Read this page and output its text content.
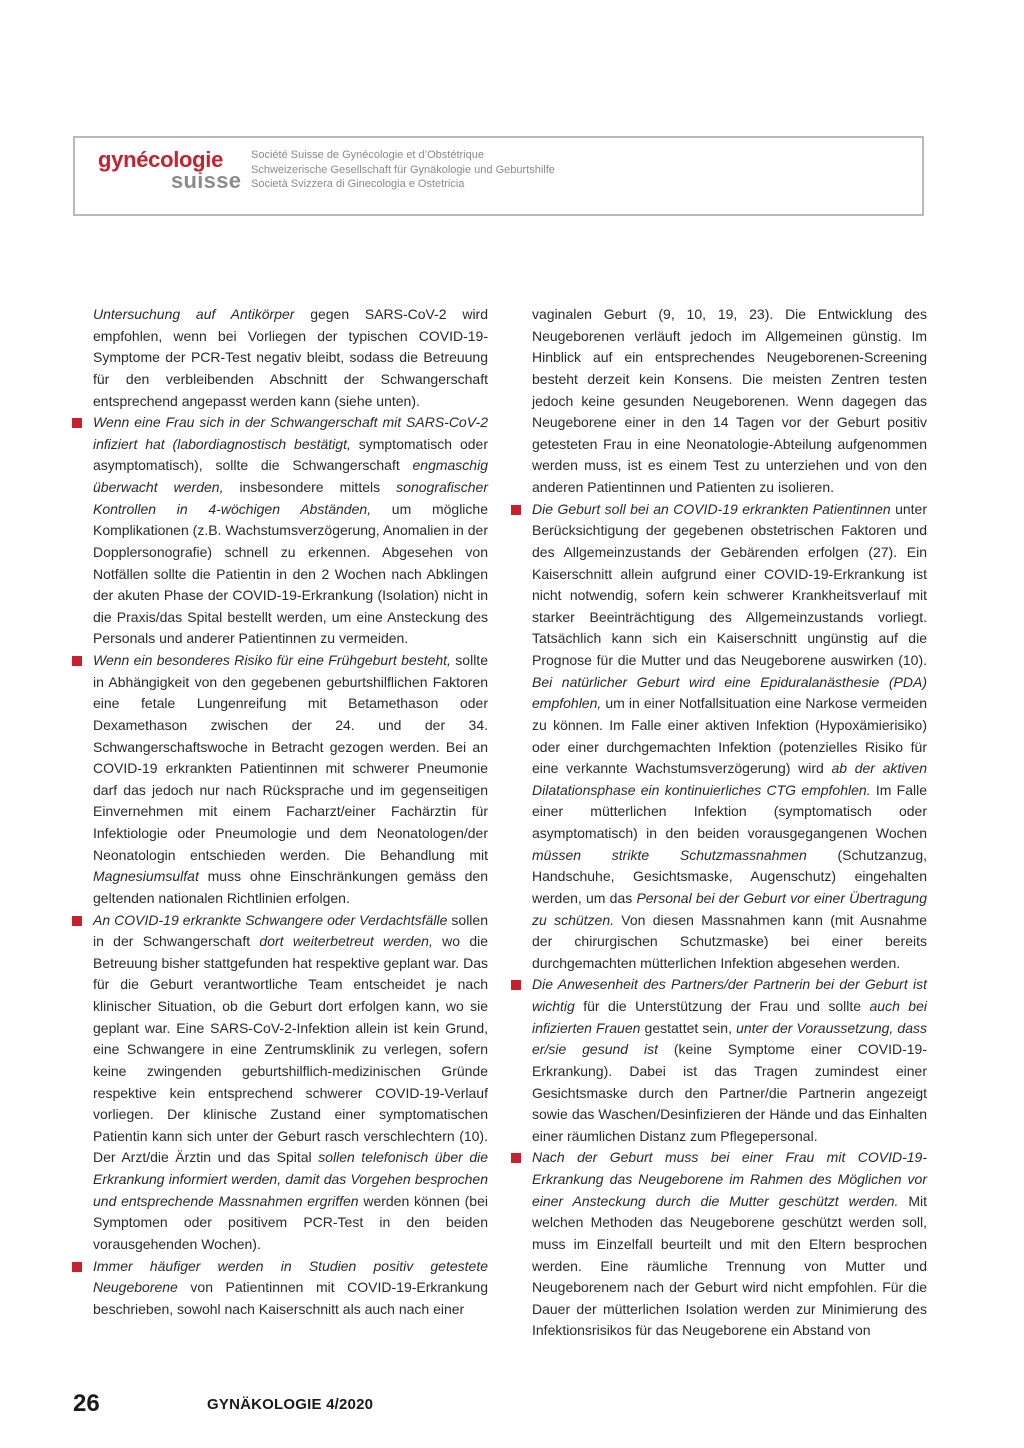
gynécologie
suisse
Société Suisse de Gynécologie et d’Obstétrique
Schweizerische Gesellschaft für Gynäkologie und Geburtshilfe
Società Svizzera di Ginecologia e Ostetricia

Untersuchung auf Antikörper gegen SARS-CoV-2 wird empfohlen, wenn bei Vorliegen der typischen COVID-19-Symptome der PCR-Test negativ bleibt, sodass die Betreuung für den verbleibenden Abschnitt der Schwangerschaft entsprechend angepasst werden kann (siehe unten).

Wenn eine Frau sich in der Schwangerschaft mit SARS-CoV-2 infiziert hat (labordiagnostisch bestätigt, symptomatisch oder asymptomatisch), sollte die Schwangerschaft engmaschig überwacht werden, insbesondere mittels sonografischer Kontrollen in 4-wöchigen Abständen, um mögliche Komplikationen (z.B. Wachstumsverzögerung, Anomalien in der Dopplersonografie) schnell zu erkennen. Abgesehen von Notfällen sollte die Patientin in den 2 Wochen nach Abklingen der akuten Phase der COVID-19-Erkrankung (Isolation) nicht in die Praxis/das Spital bestellt werden, um eine Ansteckung des Personals und anderer Patientinnen zu vermeiden.

Wenn ein besonderes Risiko für eine Frühgeburt besteht, sollte in Abhängigkeit von den gegebenen geburtshilflichen Faktoren eine fetale Lungenreifung mit Betamethason oder Dexamethason zwischen der 24. und der 34. Schwangerschaftswoche in Betracht gezogen werden. Bei an COVID-19 erkrankten Patientinnen mit schwerer Pneumonie darf das jedoch nur nach Rücksprache und im gegenseitigen Einvernehmen mit einem Facharzt/einer Fachärztin für Infektiologie oder Pneumologie und dem Neonatologen/der Neonatologin entschieden werden. Die Behandlung mit Magnesiumsulfat muss ohne Einschränkungen gemäss den geltenden nationalen Richtlinien erfolgen.

An COVID-19 erkrankte Schwangere oder Verdachtsfälle sollen in der Schwangerschaft dort weiterbetreut werden, wo die Betreuung bisher stattgefunden hat respektive geplant war. Das für die Geburt verantwortliche Team entscheidet je nach klinischer Situation, ob die Geburt dort erfolgen kann, wo sie geplant war. Eine SARS-CoV-2-Infektion allein ist kein Grund, eine Schwangere in eine Zentrumsklinik zu verlegen, sofern keine zwingenden geburtshilflich-medizinischen Gründe respektive kein entsprechend schwerer COVID-19-Verlauf vorliegen. Der klinische Zustand einer symptomatischen Patientin kann sich unter der Geburt rasch verschlechtern (10). Der Arzt/die Ärztin und das Spital sollen telefonisch über die Erkrankung informiert werden, damit das Vorgehen besprochen und entsprechende Massnahmen ergriffen werden können (bei Symptomen oder positivem PCR-Test in den beiden vorausgehenden Wochen).

Immer häufiger werden in Studien positiv getestete Neugeborene von Patientinnen mit COVID-19-Erkrankung beschrieben, sowohl nach Kaiserschnitt als auch nach einer

vaginalen Geburt (9, 10, 19, 23). Die Entwicklung des Neugeborenen verläuft jedoch im Allgemeinen günstig. Im Hinblick auf ein entsprechendes Neugeborenen-Screening besteht derzeit kein Konsens. Die meisten Zentren testen jedoch keine gesunden Neugeborenen. Wenn dagegen das Neugeborene einer in den 14 Tagen vor der Geburt positiv getesteten Frau in eine Neonatologie-Abteilung aufgenommen werden muss, ist es einem Test zu unterziehen und von den anderen Patientinnen und Patienten zu isolieren.

Die Geburt soll bei an COVID-19 erkrankten Patientinnen unter Berücksichtigung der gegebenen obstetrischen Faktoren und des Allgemeinzustands der Gebärenden erfolgen (27). Ein Kaiserschnitt allein aufgrund einer COVID-19-Erkrankung ist nicht notwendig, sofern kein schwerer Krankheitsverlauf mit starker Beeinträchtigung des Allgemeinzustands vorliegt. Tatsächlich kann sich ein Kaiserschnitt ungünstig auf die Prognose für die Mutter und das Neugeborene auswirken (10). Bei natürlicher Geburt wird eine Epiduralanästhesie (PDA) empfohlen, um in einer Notfallsituation eine Narkose vermeiden zu können. Im Falle einer aktiven Infektion (Hypoxämierisiko) oder einer durchgemachten Infektion (potenzielles Risiko für eine verkannte Wachstumsverzögerung) wird ab der aktiven Dilatationsphase ein kontinuierliches CTG empfohlen. Im Falle einer mütterlichen Infektion (symptomatisch oder asymptomatisch) in den beiden vorausgegangenen Wochen müssen strikte Schutzmassnahmen (Schutzanzug, Handschuhe, Gesichtsmaske, Augenschutz) eingehalten werden, um das Personal bei der Geburt vor einer Übertragung zu schützen. Von diesen Massnahmen kann (mit Ausnahme der chirurgischen Schutzmaske) bei einer bereits durchgemachten mütterlichen Infektion abgesehen werden.

Die Anwesenheit des Partners/der Partnerin bei der Geburt ist wichtig für die Unterstützung der Frau und sollte auch bei infizierten Frauen gestattet sein, unter der Voraussetzung, dass er/sie gesund ist (keine Symptome einer COVID-19-Erkrankung). Dabei ist das Tragen zumindest einer Gesichtsmaske durch den Partner/die Partnerin angezeigt sowie das Waschen/Desinfizieren der Hände und das Einhalten einer räumlichen Distanz zum Pflegepersonal.

Nach der Geburt muss bei einer Frau mit COVID-19-Erkrankung das Neugeborene im Rahmen des Möglichen vor einer Ansteckung durch die Mutter geschützt werden. Mit welchen Methoden das Neugeborene geschützt werden soll, muss im Einzelfall beurteilt und mit den Eltern besprochen werden. Eine räumliche Trennung von Mutter und Neugeborenem nach der Geburt wird nicht empfohlen. Für die Dauer der mütterlichen Isolation werden zur Minimierung des Infektionsrisikos für das Neugeborene ein Abstand von

26	GYNÄKOLOGIE 4/2020
